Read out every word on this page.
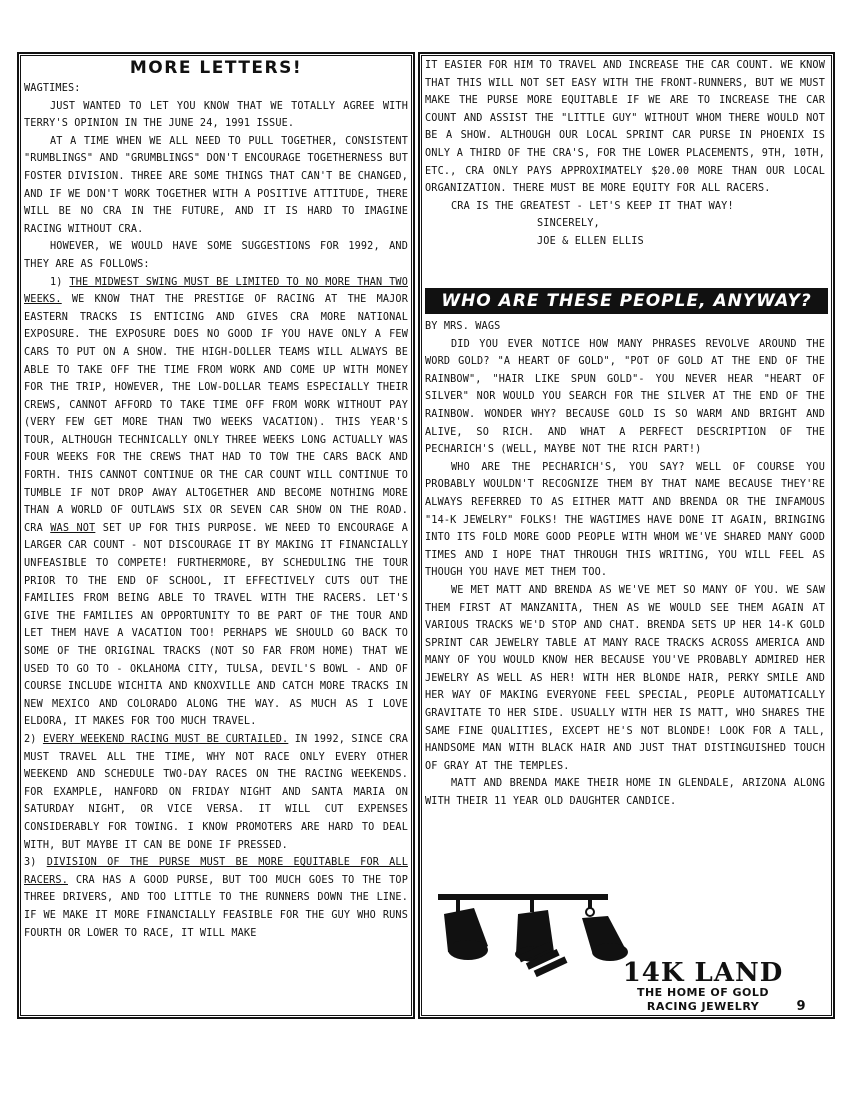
MORE LETTERS!

WAGTIMES:

JUST WANTED TO LET YOU KNOW THAT WE TOTALLY AGREE WITH TERRY'S OPINION IN THE JUNE 24, 1991 ISSUE.

AT A TIME WHEN WE ALL NEED TO PULL TOGETHER, CONSISTENT "RUMBLINGS" AND "GRUMBLINGS" DON'T ENCOURAGE TOGETHERNESS BUT FOSTER DIVISION. THREE ARE SOME THINGS THAT CAN'T BE CHANGED, AND IF WE DON'T WORK TOGETHER WITH A POSITIVE ATTITUDE, THERE WILL BE NO CRA IN THE FUTURE, AND IT IS HARD TO IMAGINE RACING WITHOUT CRA.

HOWEVER, WE WOULD HAVE SOME SUGGESTIONS FOR 1992, AND THEY ARE AS FOLLOWS:

1) THE MIDWEST SWING MUST BE LIMITED TO NO MORE THAN TWO WEEKS. WE KNOW THAT THE PRESTIGE OF RACING AT THE MAJOR EASTERN TRACKS IS ENTICING AND GIVES CRA MORE NATIONAL EXPOSURE. THE EXPOSURE DOES NO GOOD IF YOU HAVE ONLY A FEW CARS TO PUT ON A SHOW. THE HIGH-DOLLER TEAMS WILL ALWAYS BE ABLE TO TAKE OFF THE TIME FROM WORK AND COME UP WITH MONEY FOR THE TRIP, HOWEVER, THE LOW-DOLLAR TEAMS ESPECIALLY THEIR CREWS, CANNOT AFFORD TO TAKE TIME OFF FROM WORK WITHOUT PAY (VERY FEW GET MORE THAN TWO WEEKS VACATION). THIS YEAR'S TOUR, ALTHOUGH TECHNICALLY ONLY THREE WEEKS LONG ACTUALLY WAS FOUR WEEKS FOR THE CREWS THAT HAD TO TOW THE CARS BACK AND FORTH. THIS CANNOT CONTINUE OR THE CAR COUNT WILL CONTINUE TO TUMBLE IF NOT DROP AWAY ALTOGETHER AND BECOME NOTHING MORE THAN A WORLD OF OUTLAWS SIX OR SEVEN CAR SHOW ON THE ROAD. CRA WAS NOT SET UP FOR THIS PURPOSE. WE NEED TO ENCOURAGE A LARGER CAR COUNT - NOT DISCOURAGE IT BY MAKING IT FINANCIALLY UNFEASIBLE TO COMPETE! FURTHERMORE, BY SCHEDULING THE TOUR PRIOR TO THE END OF SCHOOL, IT EFFECTIVELY CUTS OUT THE FAMILIES FROM BEING ABLE TO TRAVEL WITH THE RACERS. LET'S GIVE THE FAMILIES AN OPPORTUNITY TO BE PART OF THE TOUR AND LET THEM HAVE A VACATION TOO! PERHAPS WE SHOULD GO BACK TO SOME OF THE ORIGINAL TRACKS (NOT SO FAR FROM HOME) THAT WE USED TO GO TO - OKLAHOMA CITY, TULSA, DEVIL'S BOWL - AND OF COURSE INCLUDE WICHITA AND KNOXVILLE AND CATCH MORE TRACKS IN NEW MEXICO AND COLORADO ALONG THE WAY. AS MUCH AS I LOVE ELDORA, IT MAKES FOR TOO MUCH TRAVEL.

2) EVERY WEEKEND RACING MUST BE CURTAILED. IN 1992, SINCE CRA MUST TRAVEL ALL THE TIME, WHY NOT RACE ONLY EVERY OTHER WEEKEND AND SCHEDULE TWO-DAY RACES ON THE RACING WEEKENDS. FOR EXAMPLE, HANFORD ON FRIDAY NIGHT AND SANTA MARIA ON SATURDAY NIGHT, OR VICE VERSA. IT WILL CUT EXPENSES CONSIDERABLY FOR TOWING. I KNOW PROMOTERS ARE HARD TO DEAL WITH, BUT MAYBE IT CAN BE DONE IF PRESSED.

3) DIVISION OF THE PURSE MUST BE MORE EQUITABLE FOR ALL RACERS. CRA HAS A GOOD PURSE, BUT TOO MUCH GOES TO THE TOP THREE DRIVERS, AND TOO LITTLE TO THE RUNNERS DOWN THE LINE. IF WE MAKE IT MORE FINANCIALLY FEASIBLE FOR THE GUY WHO RUNS FOURTH OR LOWER TO RACE, IT WILL MAKE

IT EASIER FOR HIM TO TRAVEL AND INCREASE THE CAR COUNT. WE KNOW THAT THIS WILL NOT SET EASY WITH THE FRONT-RUNNERS, BUT WE MUST MAKE THE PURSE MORE EQUITABLE IF WE ARE TO INCREASE THE CAR COUNT AND ASSIST THE "LITTLE GUY" WITHOUT WHOM THERE WOULD NOT BE A SHOW. ALTHOUGH OUR LOCAL SPRINT CAR PURSE IN PHOENIX IS ONLY A THIRD OF THE CRA'S, FOR THE LOWER PLACEMENTS, 9TH, 10TH, ETC., CRA ONLY PAYS APPROXIMATELY $20.00 MORE THAN OUR LOCAL ORGANIZATION. THERE MUST BE MORE EQUITY FOR ALL RACERS.

CRA IS THE GREATEST - LET'S KEEP IT THAT WAY!

SINCERELY,

JOE & ELLEN ELLIS

WHO ARE THESE PEOPLE, ANYWAY?

BY MRS. WAGS

DID YOU EVER NOTICE HOW MANY PHRASES REVOLVE AROUND THE WORD GOLD? "A HEART OF GOLD", "POT OF GOLD AT THE END OF THE RAINBOW", "HAIR LIKE SPUN GOLD"- YOU NEVER HEAR "HEART OF SILVER" NOR WOULD YOU SEARCH FOR THE SILVER AT THE END OF THE RAINBOW. WONDER WHY? BECAUSE GOLD IS SO WARM AND BRIGHT AND ALIVE, SO RICH. AND WHAT A PERFECT DESCRIPTION OF THE PECHARICH'S (WELL, MAYBE NOT THE RICH PART!)

WHO ARE THE PECHARICH'S, YOU SAY? WELL OF COURSE YOU PROBABLY WOULDN'T RECOGNIZE THEM BY THAT NAME BECAUSE THEY'RE ALWAYS REFERRED TO AS EITHER MATT AND BRENDA OR THE INFAMOUS "14-K JEWELRY" FOLKS! THE WAGTIMES HAVE DONE IT AGAIN, BRINGING INTO ITS FOLD MORE GOOD PEOPLE WITH WHOM WE'VE SHARED MANY GOOD TIMES AND I HOPE THAT THROUGH THIS WRITING, YOU WILL FEEL AS THOUGH YOU HAVE MET THEM TOO.

WE MET MATT AND BRENDA AS WE'VE MET SO MANY OF YOU. WE SAW THEM FIRST AT MANZANITA, THEN AS WE WOULD SEE THEM AGAIN AT VARIOUS TRACKS WE'D STOP AND CHAT. BRENDA SETS UP HER 14-K GOLD SPRINT CAR JEWELRY TABLE AT MANY RACE TRACKS ACROSS AMERICA AND MANY OF YOU WOULD KNOW HER BECAUSE YOU'VE PROBABLY ADMIRED HER JEWELRY AS WELL AS HER! WITH HER BLONDE HAIR, PERKY SMILE AND HER WAY OF MAKING EVERYONE FEEL SPECIAL, PEOPLE AUTOMATICALLY GRAVITATE TO HER SIDE. USUALLY WITH HER IS MATT, WHO SHARES THE SAME FINE QUALITIES, EXCEPT HE'S NOT BLONDE! LOOK FOR A TALL, HANDSOME MAN WITH BLACK HAIR AND JUST THAT DISTINGUISHED TOUCH OF GRAY AT THE TEMPLES.

MATT AND BRENDA MAKE THEIR HOME IN GLENDALE, ARIZONA ALONG WITH THEIR 11 YEAR OLD DAUGHTER CANDICE.

14K LAND
THE HOME OF GOLD
RACING JEWELRY	9
